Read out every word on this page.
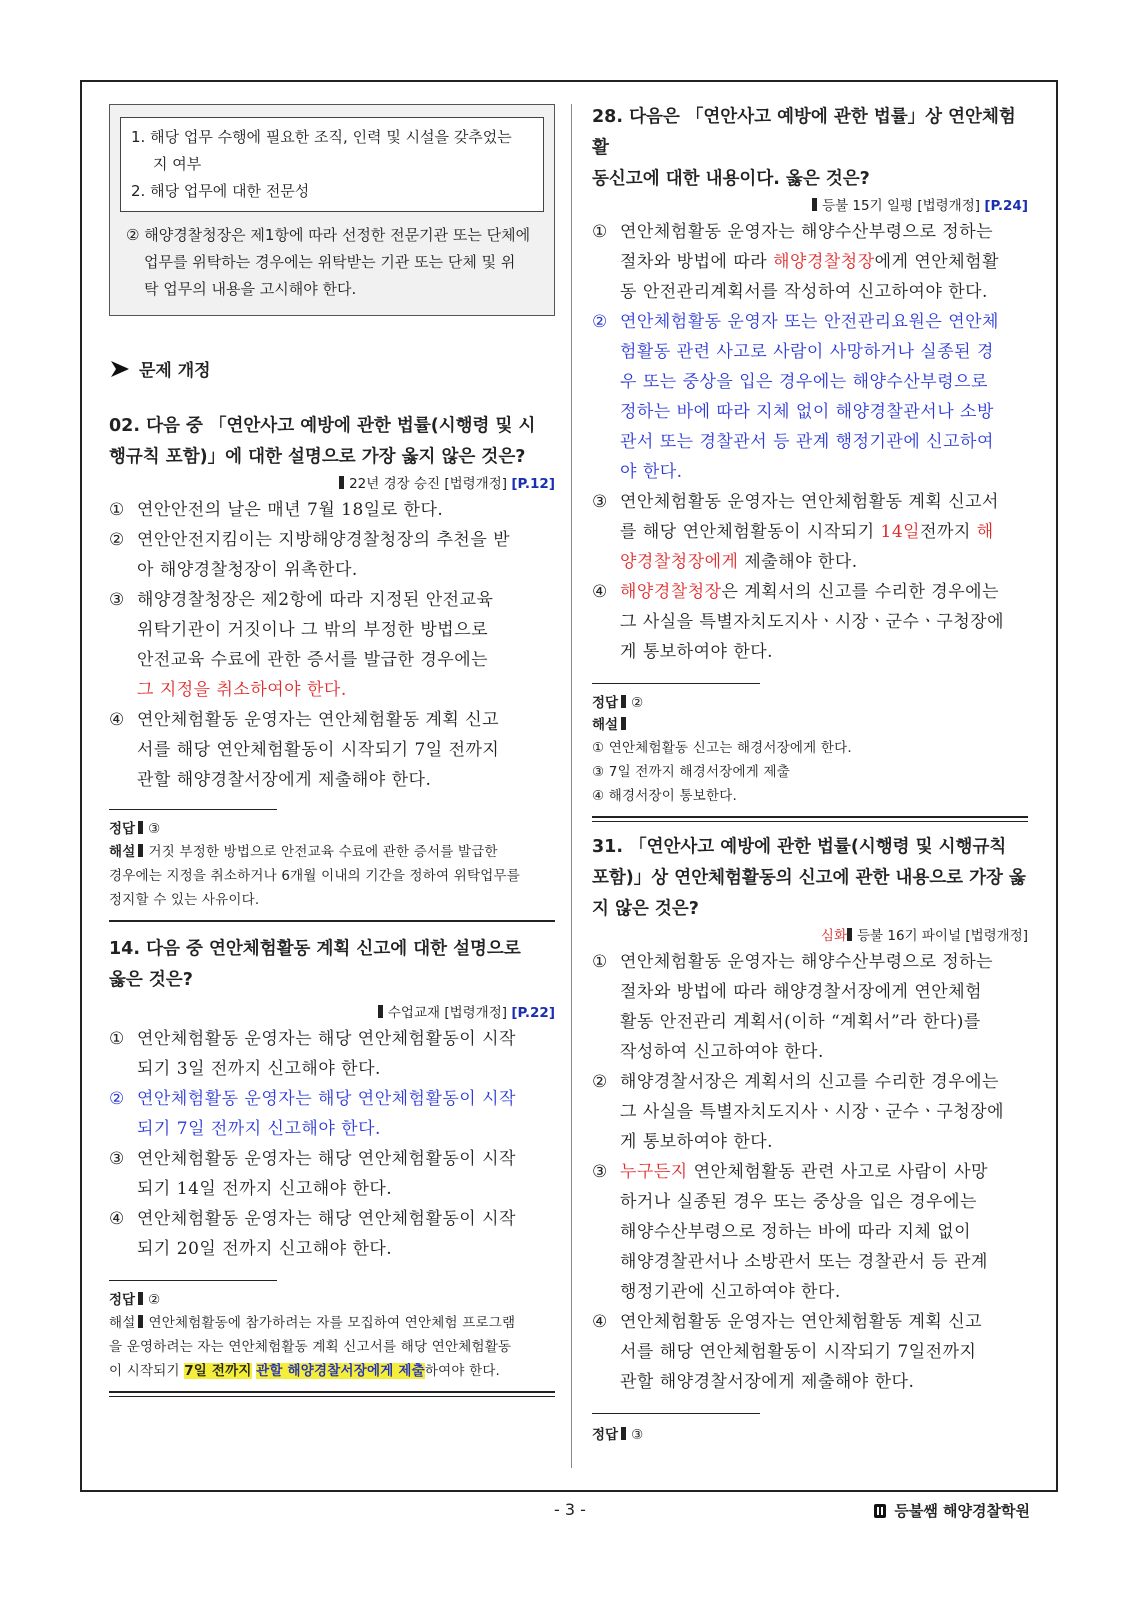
1. 해당 업무 수행에 필요한 조직, 인력 및 시설을 갖추었는
지 여부
2. 해당 업무에 대한 전문성
② 해양경찰청장은 제1항에 따라 선정한 전문기관 또는 단체에
업무를 위탁하는 경우에는 위탁받는 기관 또는 단체 및 위
탁 업무의 내용을 고시해야 한다.
문제 개정
02. 다음 중 「연안사고 예방에 관한 법률(시행령 및 시
행규칙 포함)」에 대한 설명으로 가장 옳지 않은 것은?
22년 경장 승진 [법령개정] [P.12]
① 연안안전의 날은 매년 7월 18일로 한다.
② 연안안전지킴이는 지방해양경찰청장의 추천을 받
아 해양경찰청장이 위촉한다.
③ 해양경찰청장은 제2항에 따라 지정된 안전교육
위탁기관이 거짓이나 그 밖의 부정한 방법으로
안전교육 수료에 관한 증서를 발급한 경우에는
그 지정을 취소하여야 한다.
④ 연안체험활동 운영자는 연안체험활동 계획 신고
서를 해당 연안체험활동이 시작되기 7일 전까지
관할 해양경찰서장에게 제출해야 한다.
정답 ③
해설 거짓 부정한 방법으로 안전교육 수료에 관한 증서를 발급한
경우에는 지정을 취소하거나 6개월 이내의 기간을 정하여 위탁업무를
정지할 수 있는 사유이다.
14. 다음 중 연안체험활동 계획 신고에 대한 설명으로
옳은 것은?
수업교재 [법령개정] [P.22]
① 연안체험활동 운영자는 해당 연안체험활동이 시작
되기 3일 전까지 신고해야 한다.
② 연안체험활동 운영자는 해당 연안체험활동이 시작
되기 7일 전까지 신고해야 한다.
③ 연안체험활동 운영자는 해당 연안체험활동이 시작
되기 14일 전까지 신고해야 한다.
④ 연안체험활동 운영자는 해당 연안체험활동이 시작
되기 20일 전까지 신고해야 한다.
정답 ②
해설 연안체험활동에 참가하려는 자를 모집하여 연안체험 프로그램
을 운영하려는 자는 연안체험활동 계획 신고서를 해당 연안체험활동
이 시작되기 7일 전까지 관할 해양경찰서장에게 제출하여야 한다.
28. 다음은 「연안사고 예방에 관한 법률」상 연안체험활
동신고에 대한 내용이다. 옳은 것은?
등불 15기 일평 [법령개정] [P.24]
① 연안체험활동 운영자는 해양수산부령으로 정하는
절차와 방법에 따라 해양경찰청장에게 연안체험활
동 안전관리계획서를 작성하여 신고하여야 한다.
② 연안체험활동 운영자 또는 안전관리요원은 연안체
험활동 관련 사고로 사람이 사망하거나 실종된 경
우 또는 중상을 입은 경우에는 해양수산부령으로
정하는 바에 따라 지체 없이 해양경찰관서나 소방
관서 또는 경찰관서 등 관계 행정기관에 신고하여
야 한다.
③ 연안체험활동 운영자는 연안체험활동 계획 신고서
를 해당 연안체험활동이 시작되기 14일전까지 해
양경찰청장에게 제출해야 한다.
④ 해양경찰청장은 계획서의 신고를 수리한 경우에는
그 사실을 특별자치도지사ㆍ시장ㆍ군수ㆍ구청장에
게 통보하여야 한다.
정답 ②
해설
① 연안체험활동 신고는 해경서장에게 한다.
③ 7일 전까지 해경서장에게 제출
④ 해경서장이 통보한다.
31. 「연안사고 예방에 관한 법률(시행령 및 시행규칙
포함)」상 연안체험활동의 신고에 관한 내용으로 가장 옳
지 않은 것은?
심화 등불 16기 파이널 [법령개정]
① 연안체험활동 운영자는 해양수산부령으로 정하는
절차와 방법에 따라 해양경찰서장에게 연안체험
활동 안전관리 계획서(이하 “계획서”라 한다)를
작성하여 신고하여야 한다.
② 해양경찰서장은 계획서의 신고를 수리한 경우에는
그 사실을 특별자치도지사ㆍ시장ㆍ군수ㆍ구청장에
게 통보하여야 한다.
③ 누구든지 연안체험활동 관련 사고로 사람이 사망
하거나 실종된 경우 또는 중상을 입은 경우에는
해양수산부령으로 정하는 바에 따라 지체 없이
해양경찰관서나 소방관서 또는 경찰관서 등 관계
행정기관에 신고하여야 한다.
④ 연안체험활동 운영자는 연안체험활동 계획 신고
서를 해당 연안체험활동이 시작되기 7일전까지
관할 해양경찰서장에게 제출해야 한다.
정답 ③
- 3 -	등불쌤 해양경찰학원
